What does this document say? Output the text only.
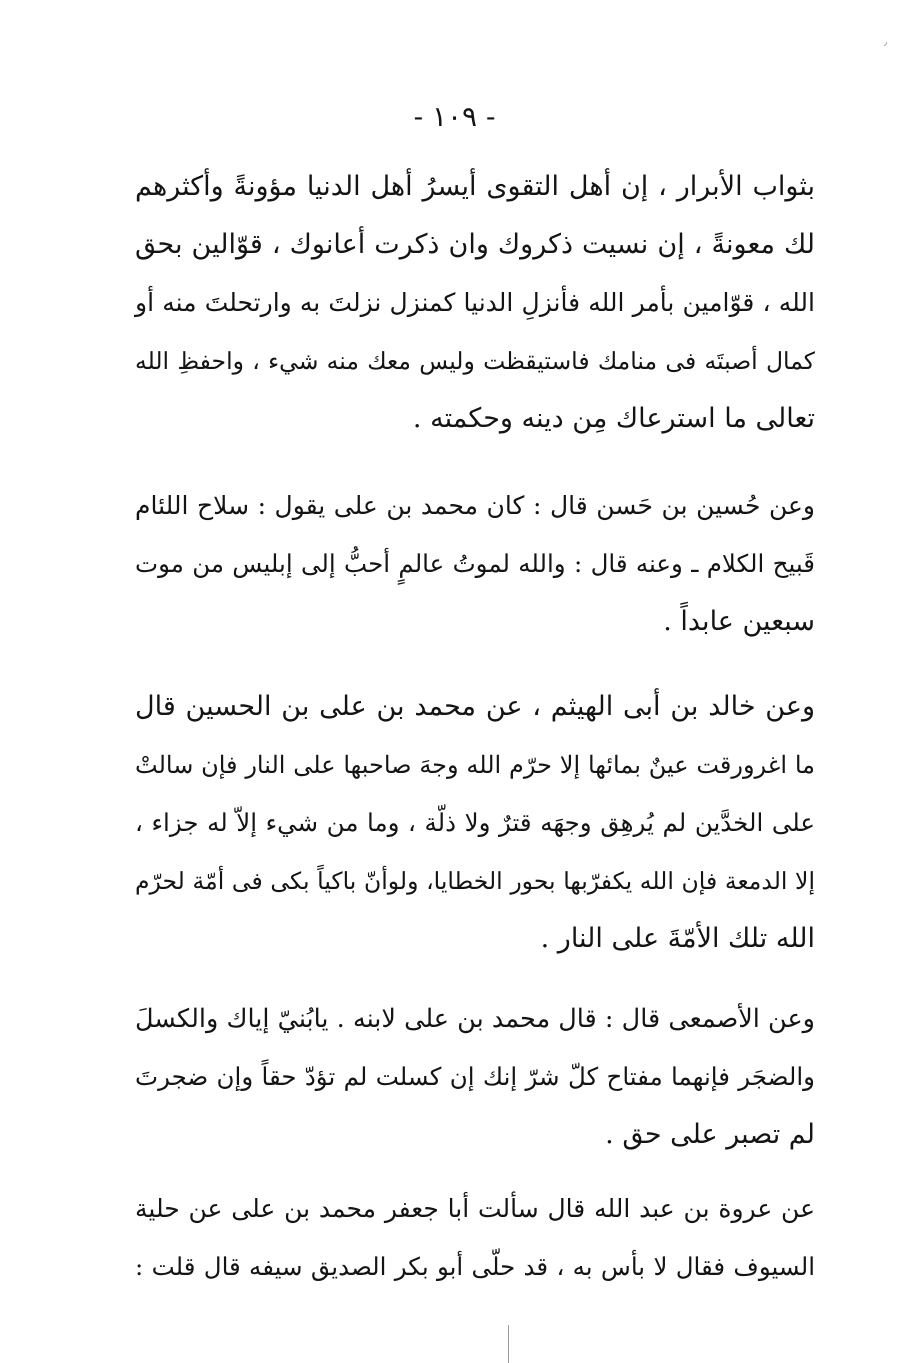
٫
- ١٠٩ -
بثواب الأبرار ، إن أهل التقوى أيسرُ أهل الدنيا مؤونةً وأكثرهم
لك معونةً ، إن نسيت ذكروك وان ذكرت أعانوك ، قوّالين بحق
الله ، قوّامين بأمر الله فأنزلِ الدنيا كمنزل نزلتَ به وارتحلتَ منه أو
كمال أصبتَه فى منامك فاستيقظت وليس معك منه شيء ، واحفظِ الله
تعالى ما استرعاك مِن دينه وحكمته .
وعن حُسين بن حَسن قال : كان محمد بن على يقول : سلاح اللئام
قَبيح الكلام ـ وعنه قال : والله لموتُ عالمٍ أحبُّ إلى إبليس من موت
سبعين عابداً .
وعن خالد بن أبى الهيثم ، عن محمد بن على بن الحسين قال
ما اغرورقت عينٌ بمائها إلا حرّم الله وجهَ صاحبها على النار فإن سالتْ
على الخدَّين لم يُرهِق وجهَه قترٌ ولا ذلّة ، وما من شيء إلاّ له جزاء ،
إلا الدمعة فإن الله يكفرّبها بحور الخطايا، ولوأنّ باكياً بكى فى أمّة لحرّم
الله تلك الأمّةَ على النار .
وعن الأصمعى قال : قال محمد بن على لابنه . يابُنيّ إياك والكسلَ
والضجَر فإنهما مفتاح كلّ شرّ إنك إن كسلت لم تؤدّ حقاً وإن ضجرتَ
لم تصبر على حق .
عن عروة بن عبد الله قال سألت أبا جعفر محمد بن على عن حلية
السيوف فقال لا بأس به ، قد حلّى أبو بكر الصديق سيفه قال قلت :
